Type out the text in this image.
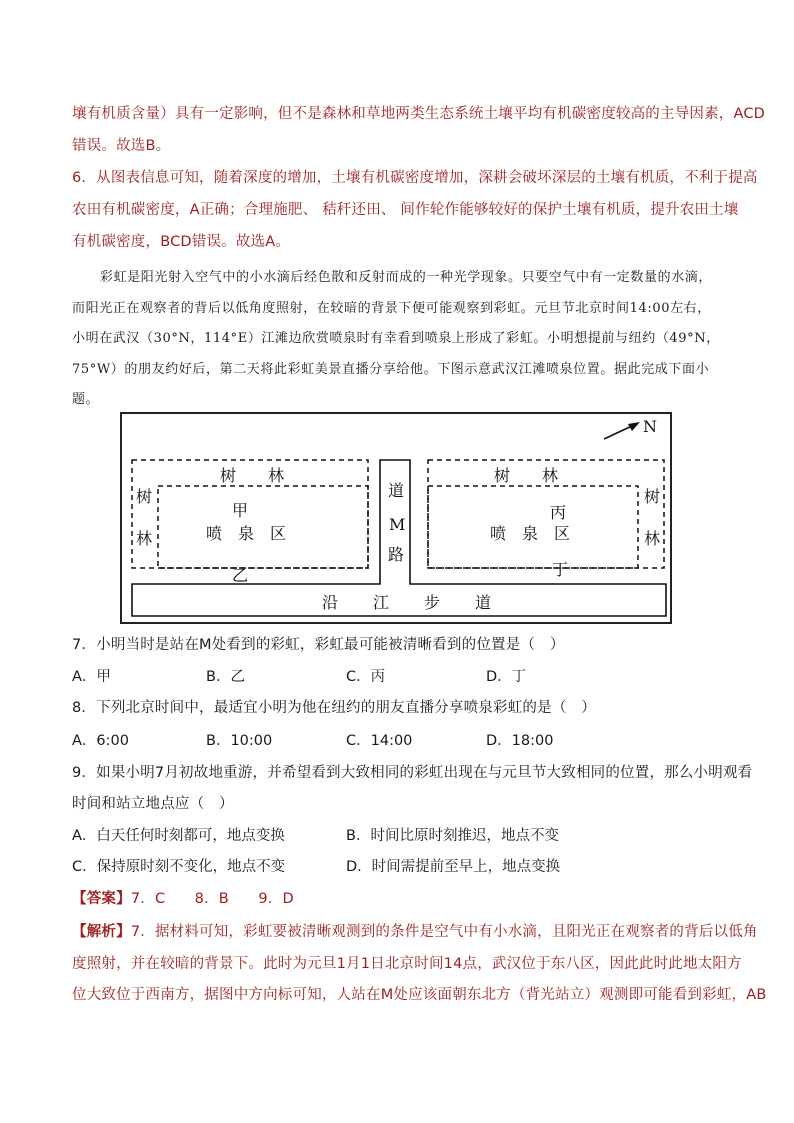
壤有机质含量）具有一定影响，但不是森林和草地两类生态系统土壤平均有机碳密度较高的主导因素，ACD
错误。故选B。
6．从图表信息可知，随着深度的增加，土壤有机碳密度增加，深耕会破坏深层的土壤有机质，不利于提高
农田有机碳密度，A正确；合理施肥、 秸秆还田、 间作轮作能够较好的保护土壤有机质，提升农田土壤
有机碳密度，BCD错误。故选A。
彩虹是阳光射入空气中的小水滴后经色散和反射而成的一种光学现象。只要空气中有一定数量的水滴，
而阳光正在观察者的背后以低角度照射，在较暗的背景下便可能观察到彩虹。元旦节北京时间14:00左右，
小明在武汉（30°N，114°E）江滩边欣赏喷泉时有幸看到喷泉上形成了彩虹。小明想提前与纽约（49°N，
75°W）的朋友约好后，第二天将此彩虹美景直播分享给他。下图示意武汉江滩喷泉位置。据此完成下面小
题。
N
树　　林	树　　林
树
林
树
林
甲
喷　泉　区
乙
丙
喷　泉　区
丁
道
M
路
沿　　江　　步　　道
7．小明当时是站在M处看到的彩虹，彩虹最可能被清晰看到的位置是（　）
A．甲	B．乙	C．丙	D．丁
8．下列北京时间中，最适宜小明为他在纽约的朋友直播分享喷泉彩虹的是（　）
A．6:00	B．10:00	C．14:00	D．18:00
9．如果小明7月初故地重游，并希望看到大致相同的彩虹出现在与元旦节大致相同的位置，那么小明观看
时间和站立地点应（　）
A．白天任何时刻都可，地点变换	B．时间比原时刻推迟，地点不变
C．保持原时刻不变化，地点不变	D．时间需提前至早上，地点变换
【答案】7．C　　8．B　　9．D
【解析】7．据材料可知，彩虹要被清晰观测到的条件是空气中有小水滴，且阳光正在观察者的背后以低角
度照射，并在较暗的背景下。此时为元旦1月1日北京时间14点，武汉位于东八区，因此此时此地太阳方
位大致位于西南方，据图中方向标可知，人站在M处应该面朝东北方（背光站立）观测即可能看到彩虹，AB
